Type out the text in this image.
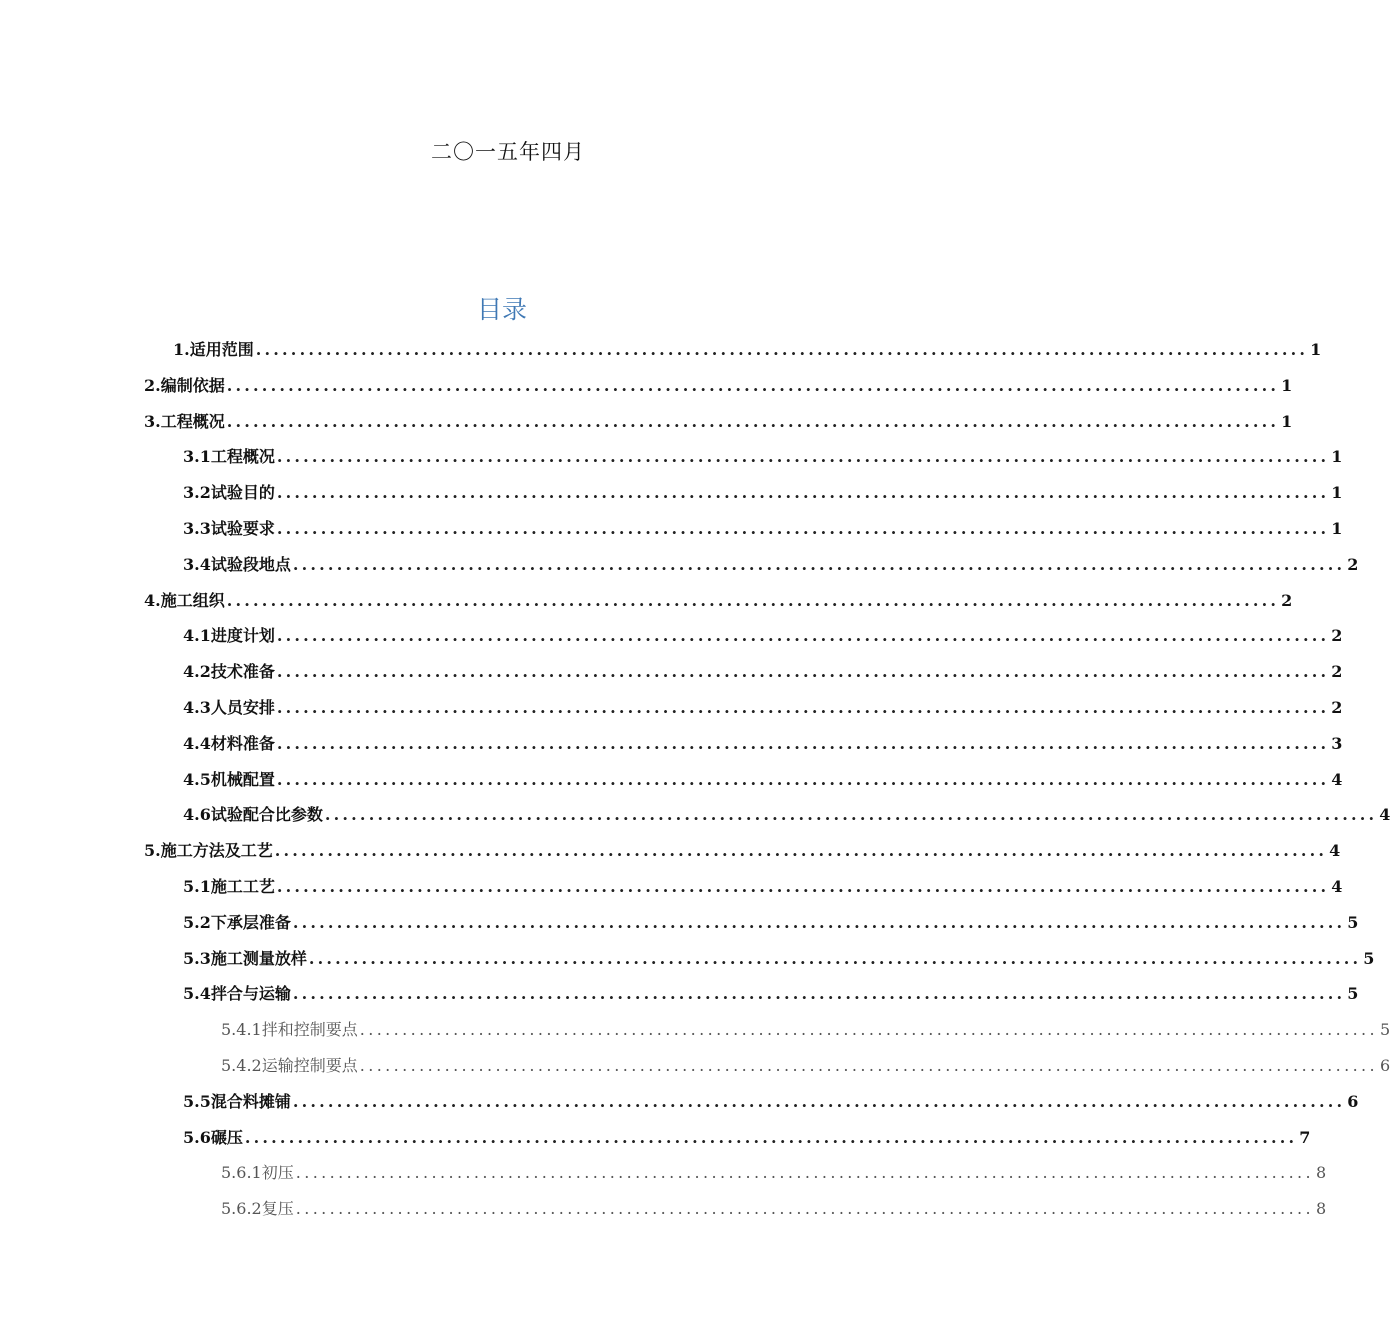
二〇一五年四月
目录
1.适用范围 ........................................................................................................................ 1
2.编制依据 ........................................................................................................................ 1
3.工程概况 ........................................................................................................................ 1
3.1工程概况 ........................................................................................................................ 1
3.2试验目的 ........................................................................................................................ 1
3.3试验要求 ........................................................................................................................ 1
3.4试验段地点 ........................................................................................................................ 2
4.施工组织 ........................................................................................................................ 2
4.1进度计划 ........................................................................................................................ 2
4.2技术准备 ........................................................................................................................ 2
4.3人员安排 ........................................................................................................................ 2
4.4材料准备 ........................................................................................................................ 3
4.5机械配置 ........................................................................................................................ 4
4.6试验配合比参数 ........................................................................................................................ 4
5.施工方法及工艺 ........................................................................................................................ 4
5.1施工工艺 ........................................................................................................................ 4
5.2下承层准备 ........................................................................................................................ 5
5.3施工测量放样 ........................................................................................................................ 5
5.4拌合与运输 ........................................................................................................................ 5
5.4.1拌和控制要点 ........................................................................................................................ 5
5.4.2运输控制要点 ........................................................................................................................ 6
5.5混合料摊铺 ........................................................................................................................ 6
5.6碾压 ........................................................................................................................ 7
5.6.1初压 ........................................................................................................................ 8
5.6.2复压 ........................................................................................................................ 8
